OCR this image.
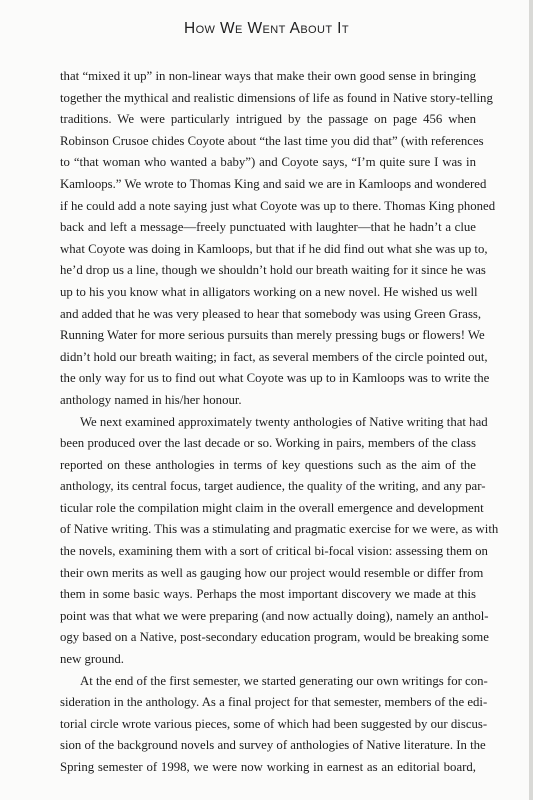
How We Went About It

that “mixed it up” in non-linear ways that make their own good sense in bringing
together the mythical and realistic dimensions of life as found in Native story-telling
traditions. We were particularly intrigued by the passage on page 456 when
Robinson Crusoe chides Coyote about “the last time you did that” (with references
to “that woman who wanted a baby”) and Coyote says, “I’m quite sure I was in
Kamloops.” We wrote to Thomas King and said we are in Kamloops and wondered
if he could add a note saying just what Coyote was up to there. Thomas King phoned
back and left a message—freely punctuated with laughter—that he hadn’t a clue
what Coyote was doing in Kamloops, but that if he did find out what she was up to,
he’d drop us a line, though we shouldn’t hold our breath waiting for it since he was
up to his you know what in alligators working on a new novel. He wished us well
and added that he was very pleased to hear that somebody was using Green Grass,
Running Water for more serious pursuits than merely pressing bugs or flowers! We
didn’t hold our breath waiting; in fact, as several members of the circle pointed out,
the only way for us to find out what Coyote was up to in Kamloops was to write the
anthology named in his/her honour.

We next examined approximately twenty anthologies of Native writing that had
been produced over the last decade or so. Working in pairs, members of the class
reported on these anthologies in terms of key questions such as the aim of the
anthology, its central focus, target audience, the quality of the writing, and any par-
ticular role the compilation might claim in the overall emergence and development
of Native writing. This was a stimulating and pragmatic exercise for we were, as with
the novels, examining them with a sort of critical bi-focal vision: assessing them on
their own merits as well as gauging how our project would resemble or differ from
them in some basic ways. Perhaps the most important discovery we made at this
point was that what we were preparing (and now actually doing), namely an anthol-
ogy based on a Native, post-secondary education program, would be breaking some
new ground.

At the end of the first semester, we started generating our own writings for con-
sideration in the anthology. As a final project for that semester, members of the edi-
torial circle wrote various pieces, some of which had been suggested by our discus-
sion of the background novels and survey of anthologies of Native literature. In the
Spring semester of 1998, we were now working in earnest as an editorial board,
